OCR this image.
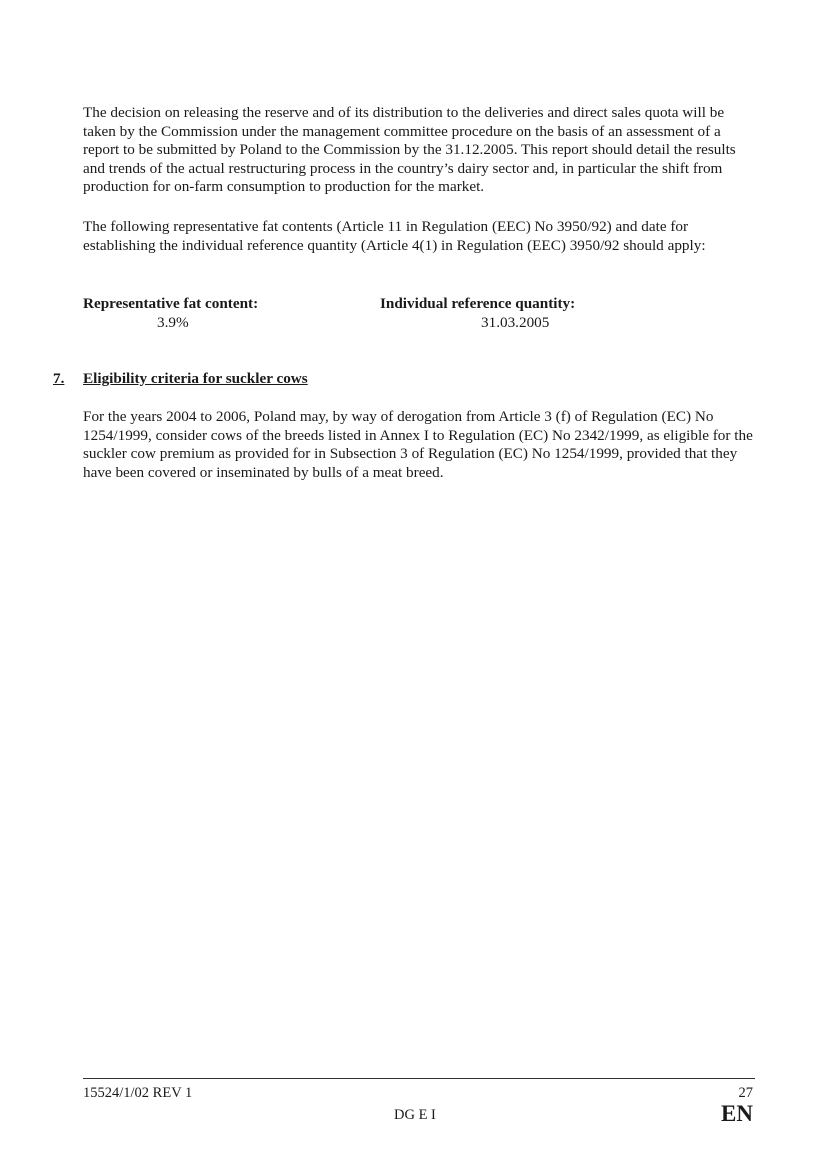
The decision on releasing the reserve and of its distribution to the deliveries and direct sales quota will be taken by the Commission under the management committee procedure on the basis of an assessment of a report to be submitted by Poland to the Commission by the 31.12.2005. This report should detail the results and trends of the actual restructuring process in the country’s dairy sector and, in particular the shift from production for on-farm consumption to production for the market.

The following representative fat contents (Article 11 in Regulation (EEC) No 3950/92) and date for establishing the individual reference quantity (Article 4(1) in Regulation (EEC) 3950/92 should apply:

Representative fat content:
3.9%
Individual reference quantity:
31.03.2005
7. Eligibility criteria for suckler cows

For the years 2004 to 2006, Poland may, by way of derogation from Article 3 (f) of Regulation (EC) No 1254/1999, consider cows of the breeds listed in Annex I to Regulation (EC) No 2342/1999, as eligible for the suckler cow premium as provided for in Subsection 3 of Regulation (EC) No 1254/1999, provided that they have been covered or inseminated by bulls of a meat breed.

15524/1/02 REV 1	27
DG E I	EN
